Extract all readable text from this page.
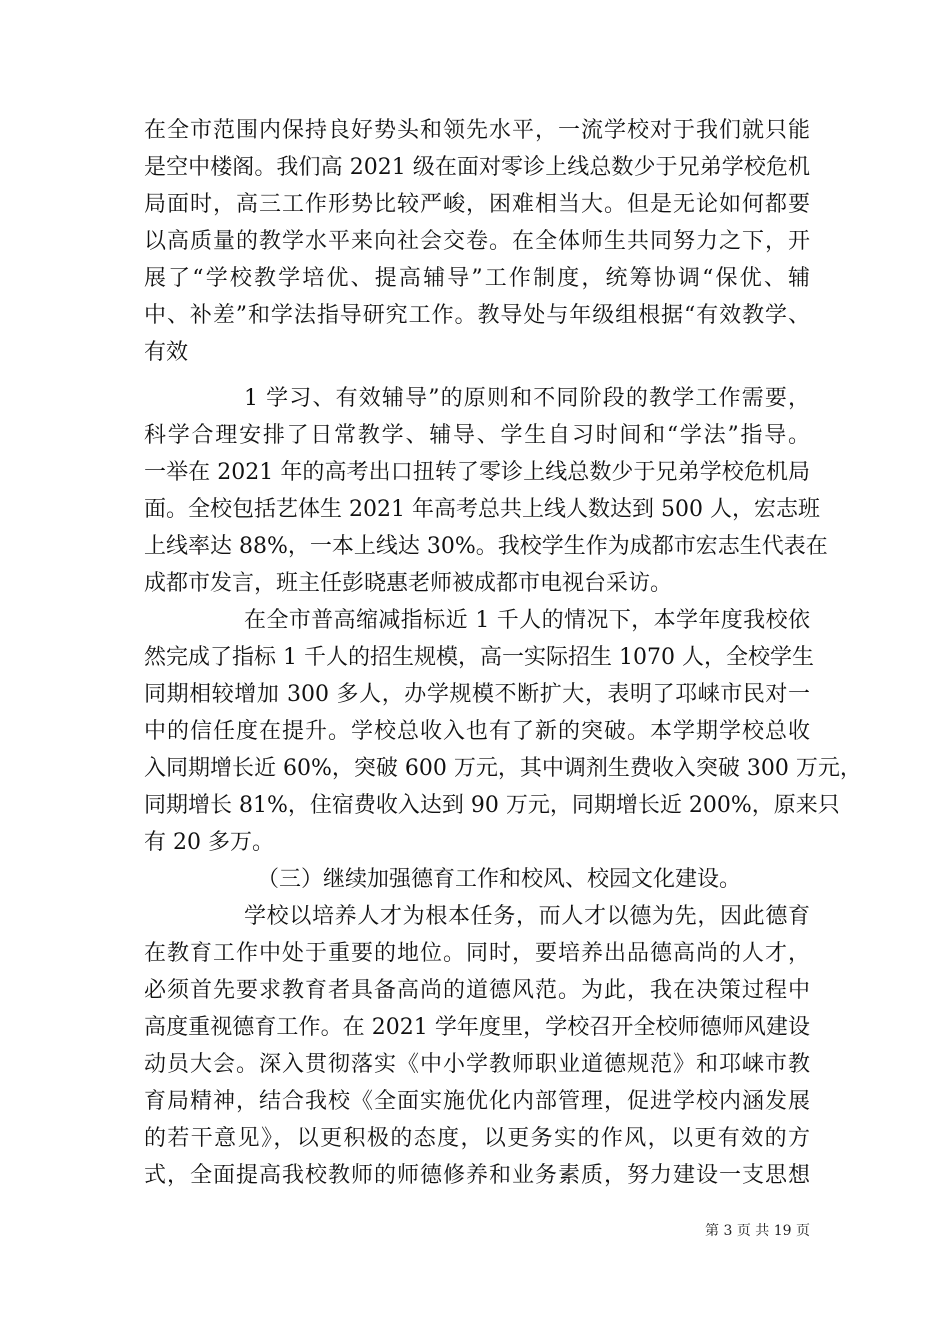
在全市范围内保持良好势头和领先水平，一流学校对于我们就只能
是空中楼阁。我们高 2021 级在面对零诊上线总数少于兄弟学校危机
局面时，高三工作形势比较严峻，困难相当大。但是无论如何都要
以高质量的教学水平来向社会交卷。在全体师生共同努力之下，开
展了“学校教学培优、提高辅导”工作制度，统筹协调“保优、辅
中、补差”和学法指导研究工作。教导处与年级组根据“有效教学、
有效
1 学习、有效辅导”的原则和不同阶段的教学工作需要，
科学合理安排了日常教学、辅导、学生自习时间和“学法”指导。
一举在 2021 年的高考出口扭转了零诊上线总数少于兄弟学校危机局
面。全校包括艺体生 2021 年高考总共上线人数达到 500 人，宏志班
上线率达 88%，一本上线达 30%。我校学生作为成都市宏志生代表在
成都市发言，班主任彭晓惠老师被成都市电视台采访。
在全市普高缩减指标近 1 千人的情况下，本学年度我校依
然完成了指标 1 千人的招生规模，高一实际招生 1070 人，全校学生
同期相较增加 300 多人，办学规模不断扩大，表明了邛崃市民对一
中的信任度在提升。学校总收入也有了新的突破。本学期学校总收
入同期增长近 60%，突破 600 万元，其中调剂生费收入突破 300 万元，
同期增长 81%，住宿费收入达到 90 万元，同期增长近 200%，原来只
有 20 多万。
（三）继续加强德育工作和校风、校园文化建设。
学校以培养人才为根本任务，而人才以德为先，因此德育
在教育工作中处于重要的地位。同时，要培养出品德高尚的人才，
必须首先要求教育者具备高尚的道德风范。为此，我在决策过程中
高度重视德育工作。在 2021 学年度里，学校召开全校师德师风建设
动员大会。深入贯彻落实《中小学教师职业道德规范》和邛崃市教
育局精神，结合我校《全面实施优化内部管理，促进学校内涵发展
的若干意见》，以更积极的态度，以更务实的作风，以更有效的方
式，全面提高我校教师的师德修养和业务素质，努力建设一支思想
第 3 页 共 19 页
